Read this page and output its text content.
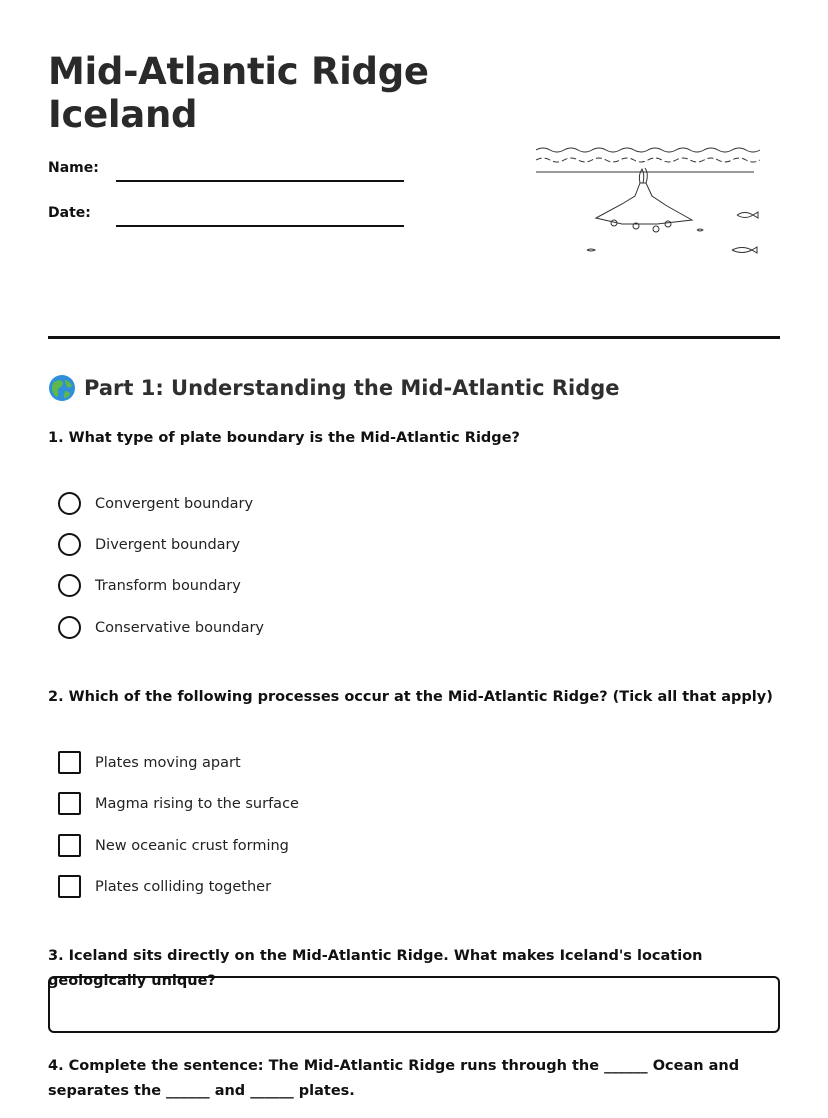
Mid-Atlantic Ridge
Iceland
Name:
Date:
Part 1: Understanding the Mid-Atlantic Ridge
1. What type of plate boundary is the Mid-Atlantic Ridge?
Convergent boundary
Divergent boundary
Transform boundary
Conservative boundary
2. Which of the following processes occur at the Mid-Atlantic Ridge? (Tick all that apply)
Plates moving apart
Magma rising to the surface
New oceanic crust forming
Plates colliding together
3. Iceland sits directly on the Mid-Atlantic Ridge. What makes Iceland's location geologically unique?
4. Complete the sentence: The Mid-Atlantic Ridge runs through the ______ Ocean and separates the ______ and ______ plates.
